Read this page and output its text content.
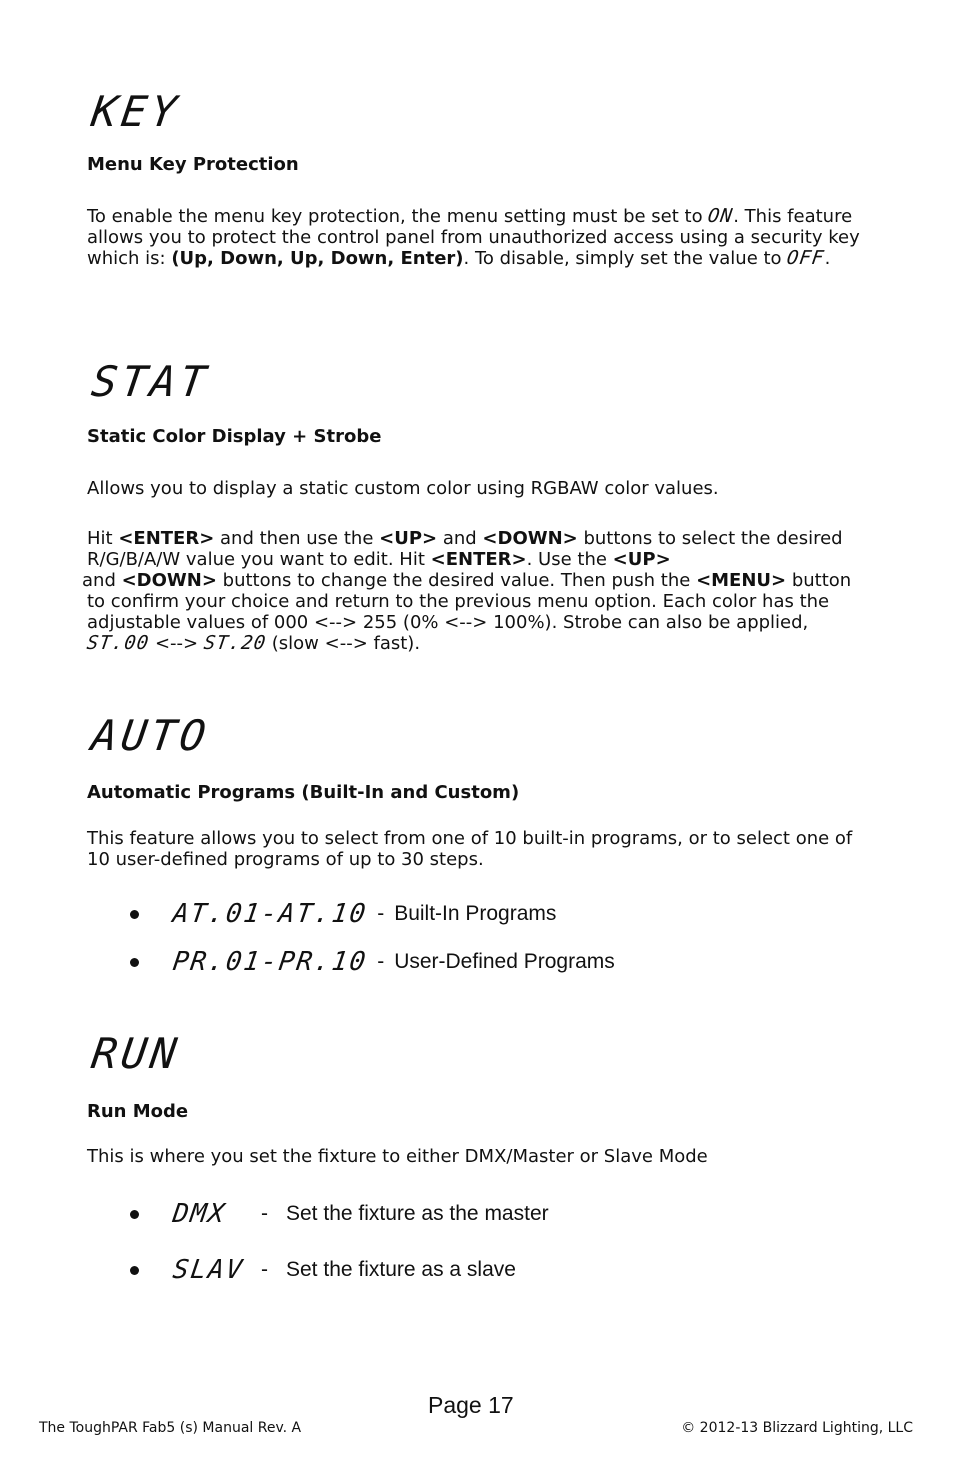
KEY
Menu Key Protection
To enable the menu key protection, the menu setting must be set to ON. This feature allows you to protect the control panel from unauthorized access using a security key which is: (Up, Down, Up, Down, Enter). To disable, simply set the value to OFF.
STAT
Static Color Display + Strobe
Allows you to display a static custom color using RGBAW color values.
Hit <ENTER> and then use the <UP> and <DOWN> buttons to select the desired R/G/B/A/W value you want to edit. Hit <ENTER>. Use the <UP>
and <DOWN> buttons to change the desired value. Then push the <MENU> button to confirm your choice and return to the previous menu option. Each color has the adjustable values of 000 <--> 255 (0% <--> 100%). Strobe can also be applied, ST.00 <--> ST.20 (slow <--> fast).
AUTO
Automatic Programs (Built-In and Custom)
This feature allows you to select from one of 10 built-in programs, or to select one of 10 user-defined programs of up to 30 steps.
AT.01-AT.10 - Built-In Programs
PR.01-PR.10 - User-Defined Programs
RUN
Run Mode
This is where you set the fixture to either DMX/Master or Slave Mode
DMX	- Set the fixture as the master
SLAV - Set the fixture as a slave
Page 17
The ToughPAR Fab5 (s) Manual Rev. A	© 2012-13 Blizzard Lighting, LLC
